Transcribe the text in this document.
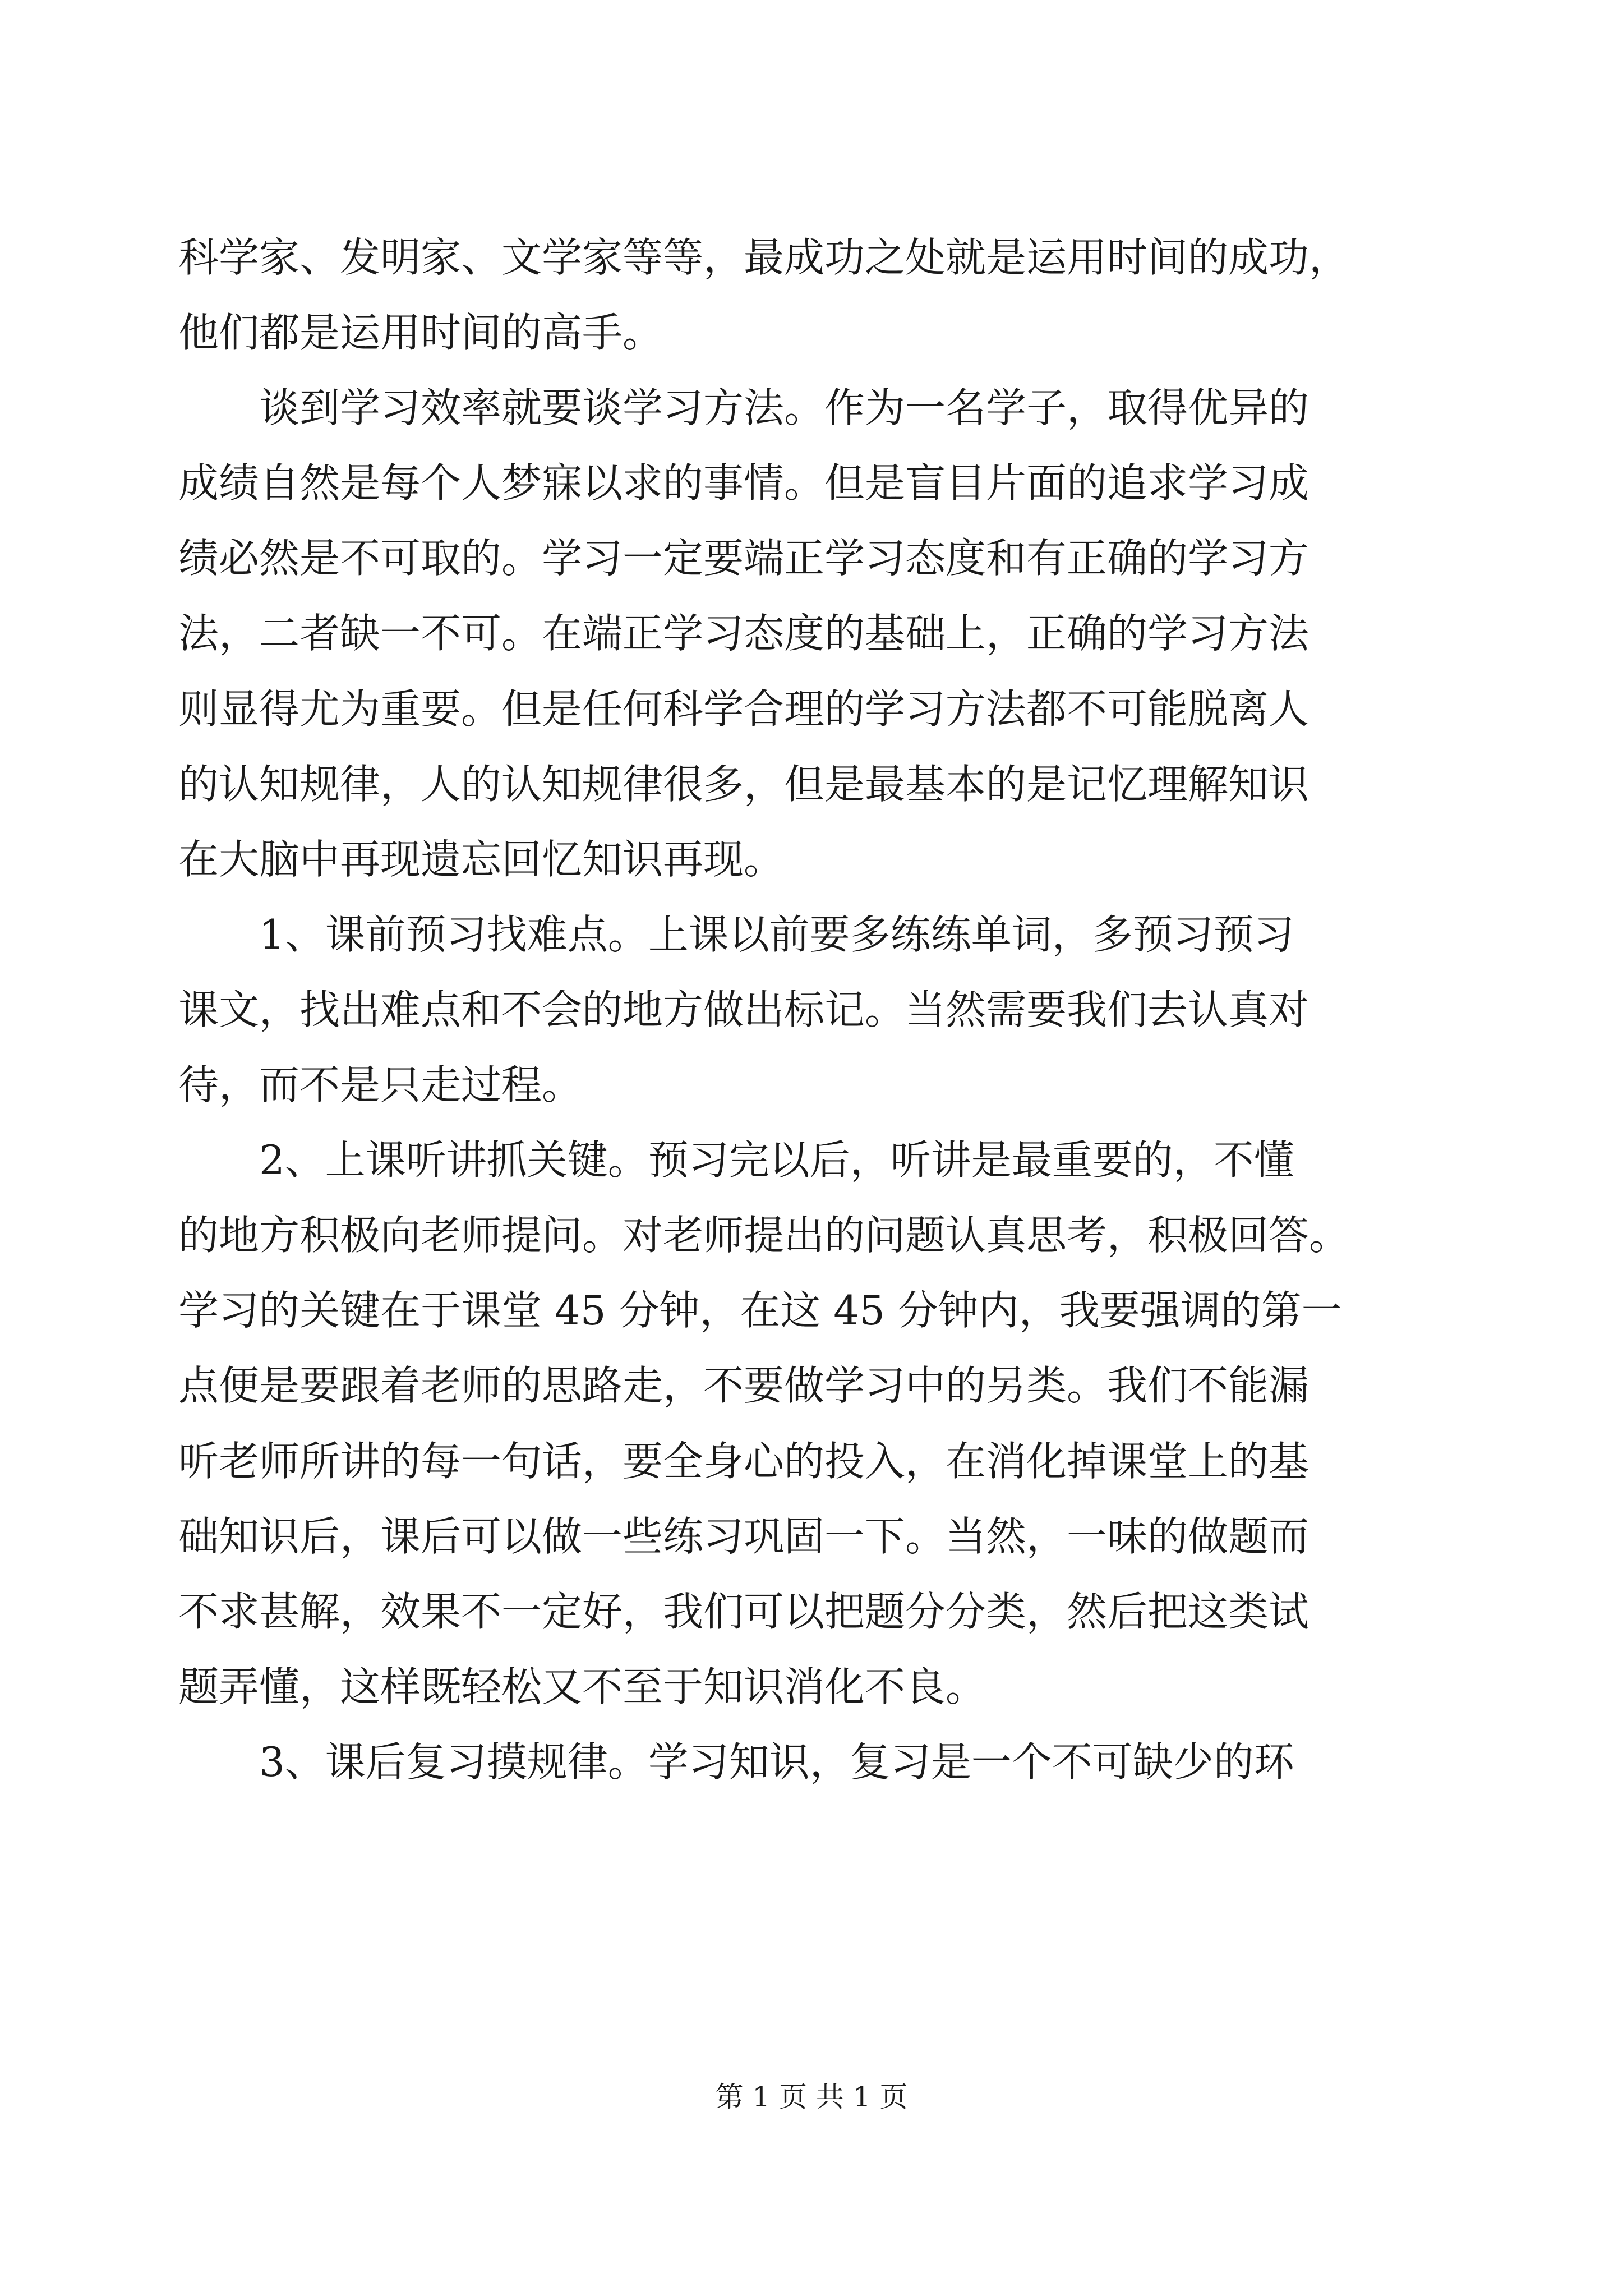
科学家、发明家、文学家等等，最成功之处就是运用时间的成功，
他们都是运用时间的高手。
　　谈到学习效率就要谈学习方法。作为一名学子，取得优异的
成绩自然是每个人梦寐以求的事情。但是盲目片面的追求学习成
绩必然是不可取的。学习一定要端正学习态度和有正确的学习方
法，二者缺一不可。在端正学习态度的基础上，正确的学习方法
则显得尤为重要。但是任何科学合理的学习方法都不可能脱离人
的认知规律，人的认知规律很多，但是最基本的是记忆理解知识
在大脑中再现遗忘回忆知识再现。
　　1、课前预习找难点。上课以前要多练练单词，多预习预习
课文，找出难点和不会的地方做出标记。当然需要我们去认真对
待，而不是只走过程。
　　2、上课听讲抓关键。预习完以后，听讲是最重要的，不懂
的地方积极向老师提问。对老师提出的问题认真思考，积极回答。
学习的关键在于课堂 45 分钟，在这 45 分钟内，我要强调的第一
点便是要跟着老师的思路走，不要做学习中的另类。我们不能漏
听老师所讲的每一句话，要全身心的投入，在消化掉课堂上的基
础知识后，课后可以做一些练习巩固一下。当然，一味的做题而
不求甚解，效果不一定好，我们可以把题分分类，然后把这类试
题弄懂，这样既轻松又不至于知识消化不良。
　　3、课后复习摸规律。学习知识，复习是一个不可缺少的环
第 1 页 共 1 页
